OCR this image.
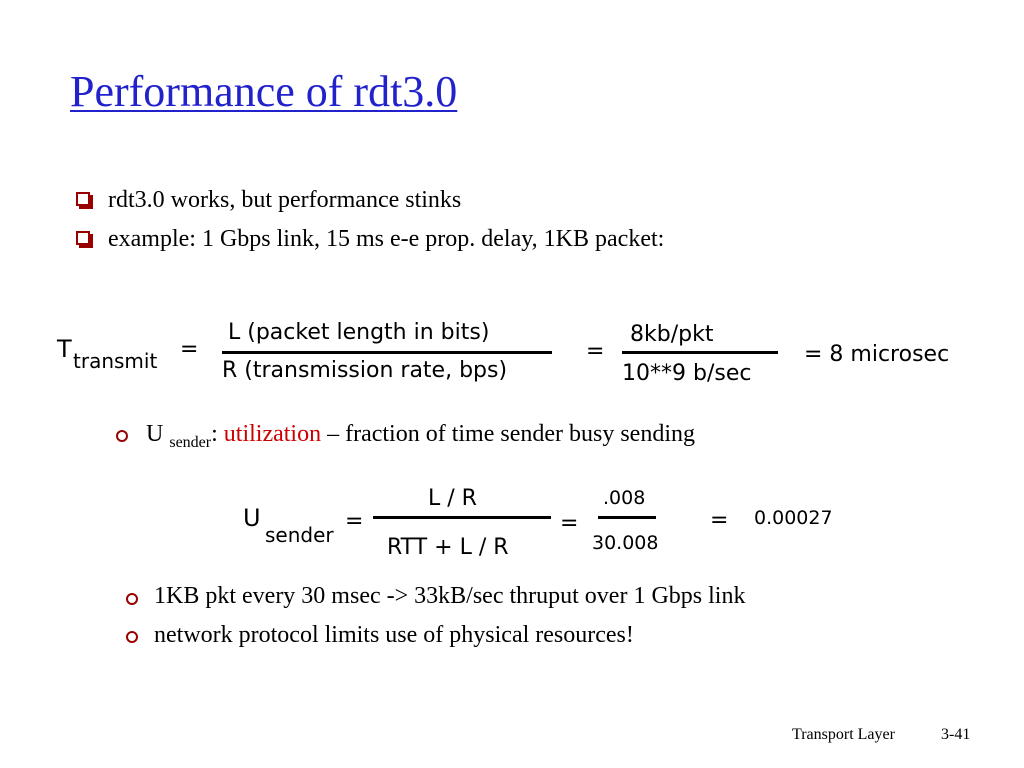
Performance of rdt3.0
rdt3.0 works, but performance stinks
example: 1 Gbps link, 15 ms e-e prop. delay, 1KB packet:
T transmit =
L (packet length in bits)
R (transmission rate, bps)
=
8kb/pkt
10**9 b/sec
= 8 microsec
U $_{sender}$: utilization – fraction of time sender busy sending
U
sender
=
L / R
RTT + L / R
=
.008
30.008
= 0.00027
1KB pkt every 30 msec -> 33kB/sec thruput over 1 Gbps link
network protocol limits use of physical resources!
Transport Layer	3-41
